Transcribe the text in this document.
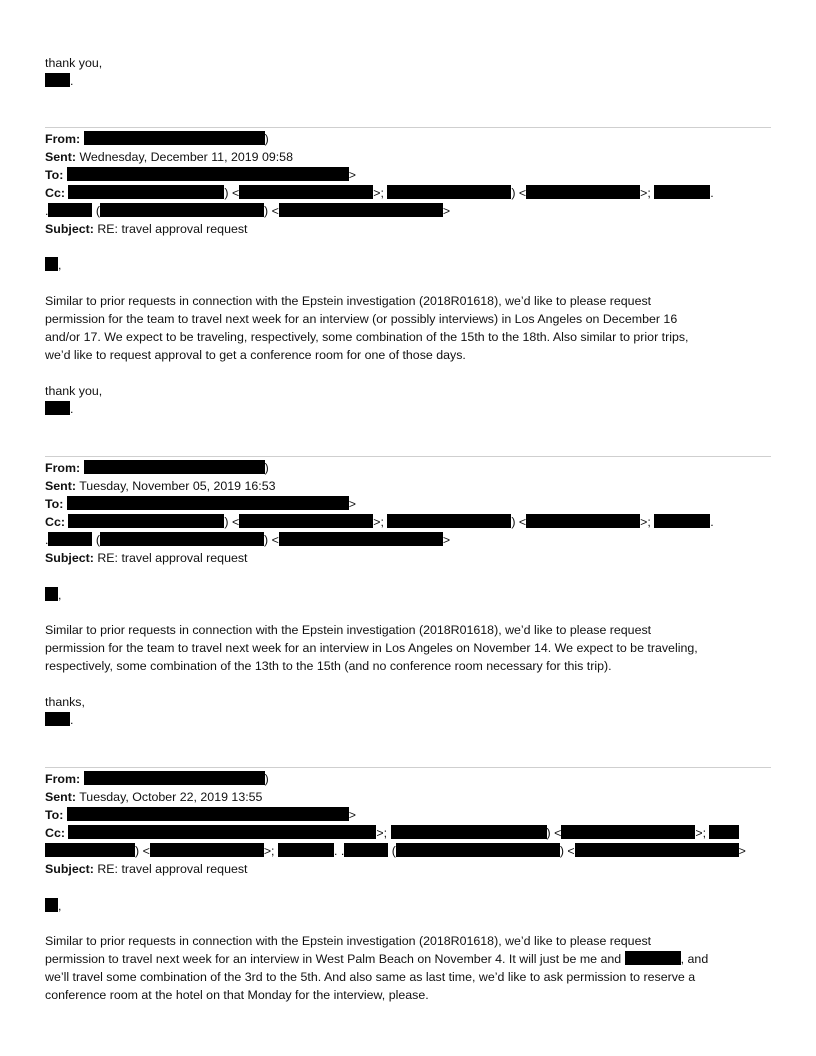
thank you,
.
From:	)
Sent: Wednesday, December 11, 2019 09:58
To:	>
Cc:	) <	>;	) <	>;	.
.	(	) <	>
Subject: RE: travel approval request
,
Similar to prior requests in connection with the Epstein investigation (2018R01618), we’d like to please request
permission for the team to travel next week for an interview (or possibly interviews) in Los Angeles on December 16
and/or 17. We expect to be traveling, respectively, some combination of the 15th to the 18th. Also similar to prior trips,
we’d like to request approval to get a conference room for one of those days.
thank you,
.
From:	)
Sent: Tuesday, November 05, 2019 16:53
To:	>
Cc:	) <	>;	) <	>;	.
.	(	) <	>
Subject: RE: travel approval request
,
Similar to prior requests in connection with the Epstein investigation (2018R01618), we’d like to please request
permission for the team to travel next week for an interview in Los Angeles on November 14. We expect to be traveling,
respectively, some combination of the 13th to the 15th (and no conference room necessary for this trip).
thanks,
.
From:	)
Sent: Tuesday, October 22, 2019 13:55
To:	>
Cc:	>;	) <	>;
) <	>;	. .	(	) <	>
Subject: RE: travel approval request
,
Similar to prior requests in connection with the Epstein investigation (2018R01618), we’d like to please request
permission to travel next week for an interview in West Palm Beach on November 4. It will just be me and	, and
we’ll travel some combination of the 3rd to the 5th. And also same as last time, we’d like to ask permission to reserve a
conference room at the hotel on that Monday for the interview, please.
